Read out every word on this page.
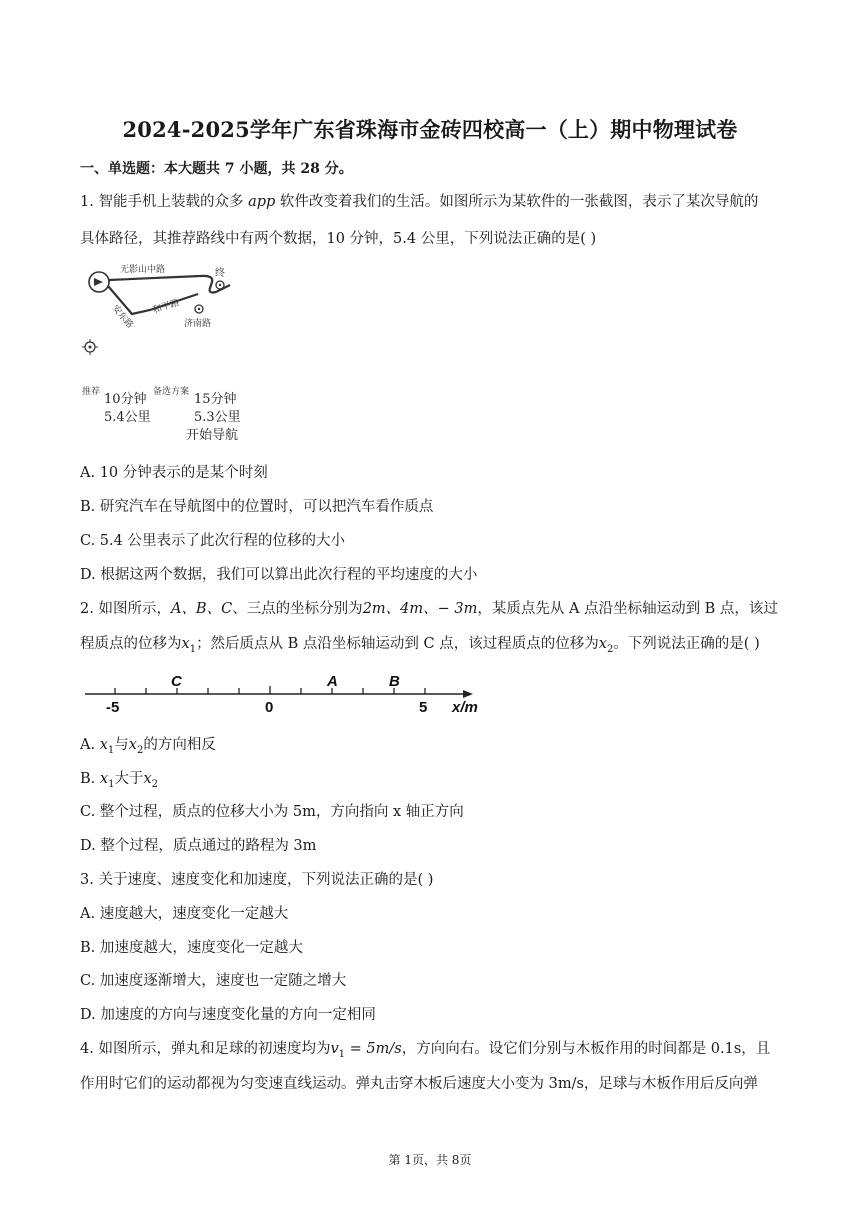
2024-2025学年广东省珠海市金砖四校高一（上）期中物理试卷
一、单选题：本大题共 7 小题，共 28 分。
1. 智能手机上装载的众多 app 软件改变着我们的生活。如图所示为某软件的一张截图，表示了某次导航的
具体路径，其推荐路线中有两个数据，10 分钟，5.4 公里，下列说法正确的是( )
终
无影山中路
安东路 和平路
济南路
推荐 10分钟
5.4公里
备选方案 15分钟
5.3公里
开始导航
A. 10 分钟表示的是某个时刻
B. 研究汽车在导航图中的位置时，可以把汽车看作质点
C. 5.4 公里表示了此次行程的位移的大小
D. 根据这两个数据，我们可以算出此次行程的平均速度的大小
2. 如图所示，A、B、C、三点的坐标分别为2m、4m、− 3m，某质点先从 A 点沿坐标轴运动到 B 点，该过
程质点的位移为$x_1$；然后质点从 B 点沿坐标轴运动到 C 点，该过程质点的位移为$x_2$。下列说法正确的是( )
-5	0	5 x/m
C	A	B
A. $x_1$与$x_2$的方向相反
B. $x_1$大于$x_2$
C. 整个过程，质点的位移大小为 5m，方向指向 x 轴正方向
D. 整个过程，质点通过的路程为 3m
3. 关于速度、速度变化和加速度，下列说法正确的是( )
A. 速度越大，速度变化一定越大
B. 加速度越大，速度变化一定越大
C. 加速度逐渐增大，速度也一定随之增大
D. 加速度的方向与速度变化量的方向一定相同
4. 如图所示，弹丸和足球的初速度均为$v_1 = 5m/s$，方向向右。设它们分别与木板作用的时间都是 0.1s，且
作用时它们的运动都视为匀变速直线运动。弹丸击穿木板后速度大小变为 3m/s，足球与木板作用后反向弹
第 1页，共 8页
